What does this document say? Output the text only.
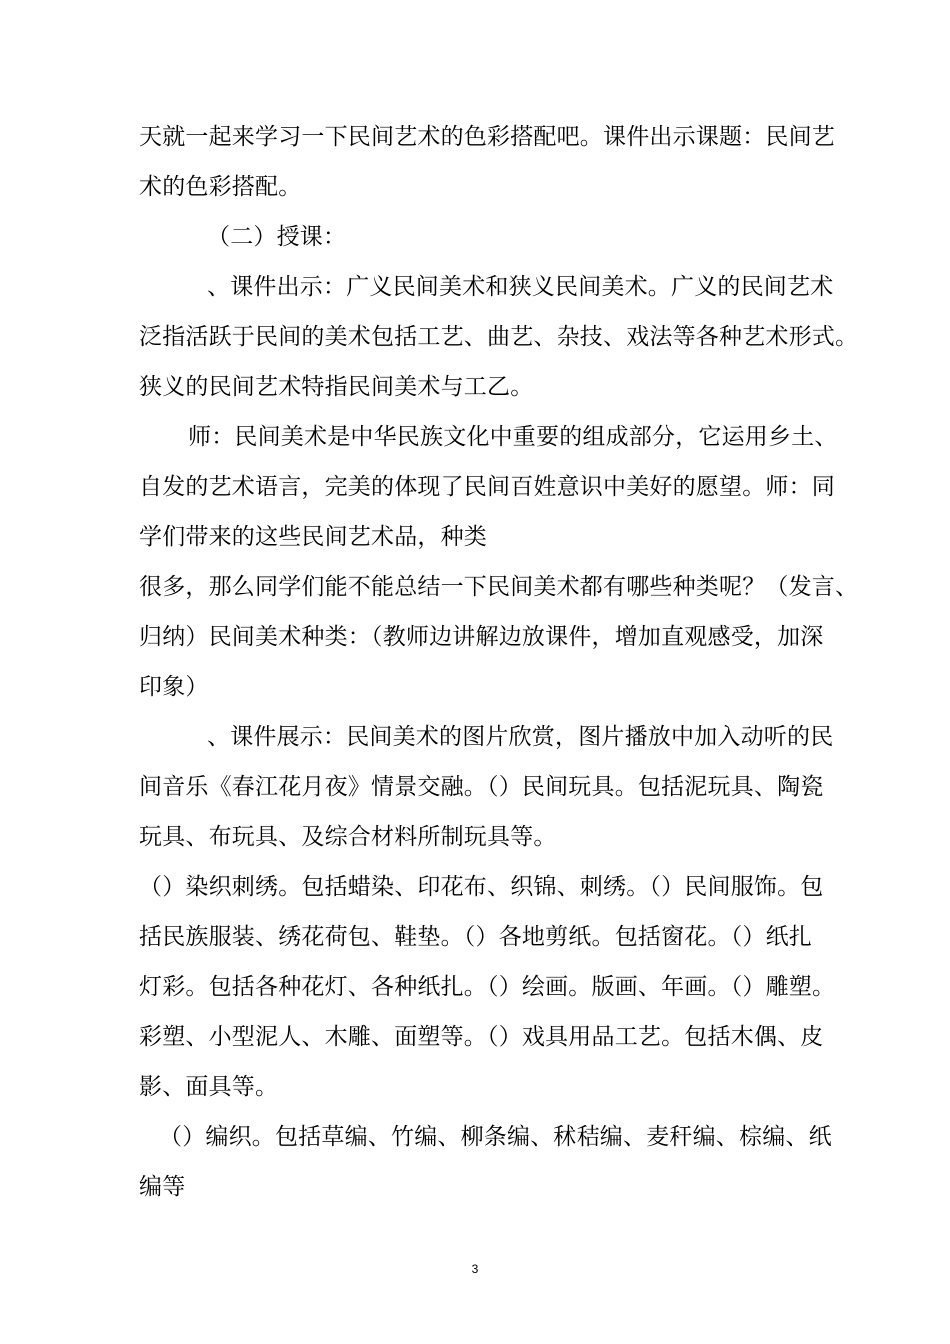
天就一起来学习一下民间艺术的色彩搭配吧。课件出示课题：民间艺
术的色彩搭配。
（二）授课：
、课件出示：广义民间美术和狭义民间美术。广义的民间艺术
泛指活跃于民间的美术包括工艺、曲艺、杂技、戏法等各种艺术形式。
狭义的民间艺术特指民间美术与工乙。
师：民间美术是中华民族文化中重要的组成部分，它运用乡土、
自发的艺术语言，完美的体现了民间百姓意识中美好的愿望。师：同
学们带来的这些民间艺术品，种类
很多，那么同学们能不能总结一下民间美术都有哪些种类呢？（发言、
归纳）民间美术种类：（教师边讲解边放课件，增加直观感受，加深
印象）
、课件展示：民间美术的图片欣赏，图片播放中加入动听的民
间音乐《春江花月夜》情景交融。（）民间玩具。包括泥玩具、陶瓷
玩具、布玩具、及综合材料所制玩具等。
（）染织刺绣。包括蜡染、印花布、织锦、刺绣。（）民间服饰。包
括民族服装、绣花荷包、鞋垫。（）各地剪纸。包括窗花。（）纸扎
灯彩。包括各种花灯、各种纸扎。（）绘画。版画、年画。（）雕塑。
彩塑、小型泥人、木雕、面塑等。（）戏具用品工艺。包括木偶、皮
影、面具等。
（）编织。包括草编、竹编、柳条编、秫秸编、麦秆编、棕编、纸
编等
3
